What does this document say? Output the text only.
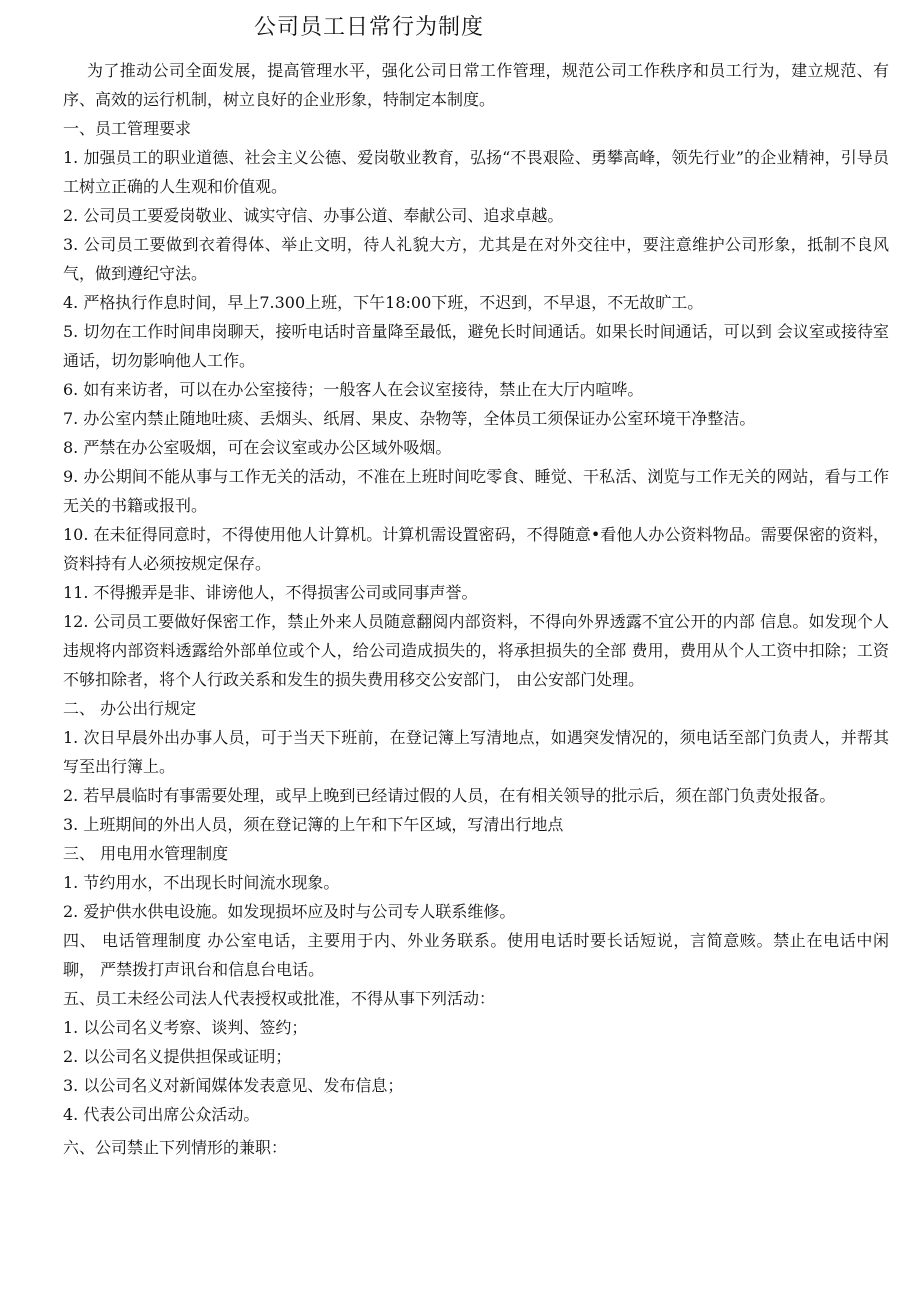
公司员工日常行为制度

为了推动公司全面发展，提高管理水平，强化公司日常工作管理，规范公司工作秩序和员工行为，建立规范、有序、高效的运行机制，树立良好的企业形象，特制定本制度。

一、员工管理要求

1. 加强员工的职业道德、社会主义公德、爱岗敬业教育，弘扬“不畏艰险、勇攀高峰，领先行业”的企业精神，引导员工树立正确的人生观和价值观。

2. 公司员工要爱岗敬业、诚实守信、办事公道、奉献公司、追求卓越。

3. 公司员工要做到衣着得体、举止文明，待人礼貌大方，尤其是在对外交往中，要注意维护公司形象，抵制不良风气，做到遵纪守法。

4. 严格执行作息时间，早上7.300上班，下午18:00下班，不迟到，不早退，不无故旷工。

5. 切勿在工作时间串岗聊天，接听电话时音量降至最低，避免长时间通话。如果长时间通话，可以到 会议室或接待室通话，切勿影响他人工作。

6. 如有来访者，可以在办公室接待；一般客人在会议室接待，禁止在大厅内喧哗。

7. 办公室内禁止随地吐痰、丢烟头、纸屑、果皮、杂物等，全体员工须保证办公室环境干净整洁。

8. 严禁在办公室吸烟，可在会议室或办公区域外吸烟。

9. 办公期间不能从事与工作无关的活动，不准在上班时间吃零食、睡觉、干私活、浏览与工作无关的网站，看与工作无关的书籍或报刊。

10. 在未征得同意时，不得使用他人计算机。计算机需设置密码，不得随意•看他人办公资料物品。需要保密的资料，资料持有人必须按规定保存。

11. 不得搬弄是非、诽谤他人，不得损害公司或同事声誉。

12. 公司员工要做好保密工作，禁止外来人员随意翻阅内部资料，不得向外界透露不宜公开的内部 信息。如发现个人违规将内部资料透露给外部单位或个人，给公司造成损失的，将承担损失的全部 费用，费用从个人工资中扣除；工资不够扣除者，将个人行政关系和发生的损失费用移交公安部门， 由公安部门处理。

二、 办公出行规定

1. 次日早晨外出办事人员，可于当天下班前，在登记簿上写清地点，如遇突发情况的，须电话至部门负责人，并帮其写至出行簿上。

2. 若早晨临时有事需要处理，或早上晚到已经请过假的人员，在有相关领导的批示后，须在部门负责处报备。

3. 上班期间的外出人员，须在登记簿的上午和下午区域，写清出行地点

三、 用电用水管理制度

1. 节约用水，不出现长时间流水现象。

2. 爱护供水供电设施。如发现损坏应及时与公司专人联系维修。

四、 电话管理制度 办公室电话，主要用于内、外业务联系。使用电话时要长话短说，言简意赅。禁止在电话中闲聊， 严禁拨打声讯台和信息台电话。

五、员工未经公司法人代表授权或批准，不得从事下列活动：

1. 以公司名义考察、谈判、签约；

2. 以公司名义提供担保或证明；

3. 以公司名义对新闻媒体发表意见、发布信息；

4. 代表公司出席公众活动。

六、公司禁止下列情形的兼职：
